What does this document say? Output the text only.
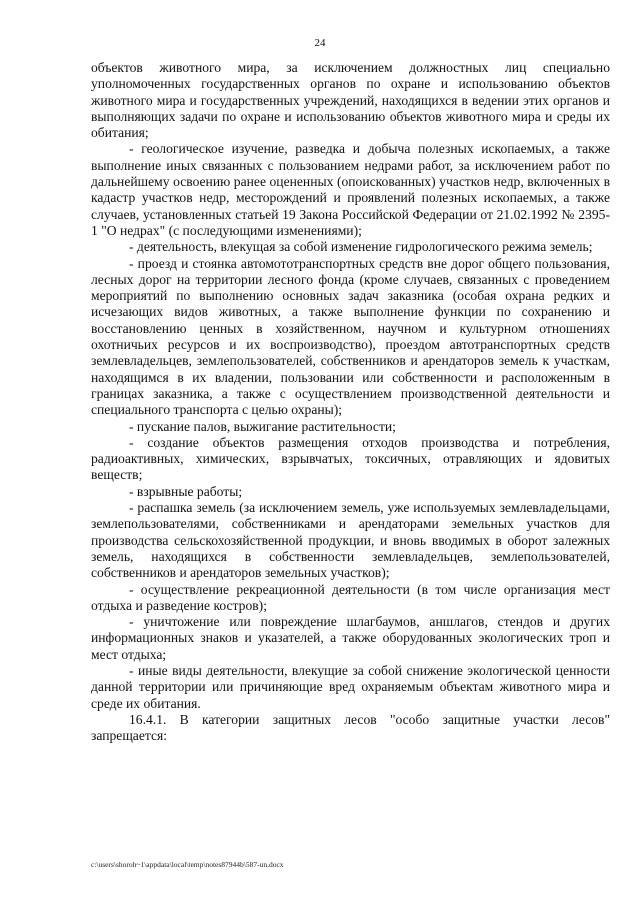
24

объектов животного мира, за исключением должностных лиц специально уполномоченных государственных органов по охране и использованию объектов животного мира и государственных учреждений, находящихся в ведении этих органов и выполняющих задачи по охране и использованию объектов животного мира и среды их обитания;

- геологическое изучение, разведка и добыча полезных ископаемых, а также выполнение иных связанных с пользованием недрами работ, за исключением работ по дальнейшему освоению ранее оцененных (опоискованных) участков недр, включенных в кадастр участков недр, месторождений и проявлений полезных ископаемых, а также случаев, установленных статьей 19 Закона Российской Федерации от 21.02.1992 № 2395-1 "О недрах" (с последующими изменениями);

- деятельность, влекущая за собой изменение гидрологического режима земель;

- проезд и стоянка автомототранспортных средств вне дорог общего пользования, лесных дорог на территории лесного фонда (кроме случаев, связанных с проведением мероприятий по выполнению основных задач заказника (особая охрана редких и исчезающих видов животных, а также выполнение функции по сохранению и восстановлению ценных в хозяйственном, научном и культурном отношениях охотничьих ресурсов и их воспроизводство), проездом автотранспортных средств землевладельцев, землепользователей, собственников и арендаторов земель к участкам, находящимся в их владении, пользовании или собственности и расположенным в границах заказника, а также с осуществлением производственной деятельности и специального транспорта с целью охраны);

- пускание палов, выжигание растительности;

- создание объектов размещения отходов производства и потребления, радиоактивных, химических, взрывчатых, токсичных, отравляющих и ядовитых веществ;

- взрывные работы;

- распашка земель (за исключением земель, уже используемых землевладельцами, землепользователями, собственниками и арендаторами земельных участков для производства сельскохозяйственной продукции, и вновь вводимых в оборот залежных земель, находящихся в собственности землевладельцев, землепользователей, собственников и арендаторов земельных участков);

- осуществление рекреационной деятельности (в том числе организация мест отдыха и разведение костров);

- уничтожение или повреждение шлагбаумов, аншлагов, стендов и других информационных знаков и указателей, а также оборудованных экологических троп и мест отдыха;

- иные виды деятельности, влекущие за собой снижение экологической ценности данной территории или причиняющие вред охраняемым объектам животного мира и среде их обитания.

16.4.1. В категории защитных лесов "особо защитные участки лесов" запрещается:

c:\users\shoroh~1\appdata\local\temp\notes87944b\587-un.docx
